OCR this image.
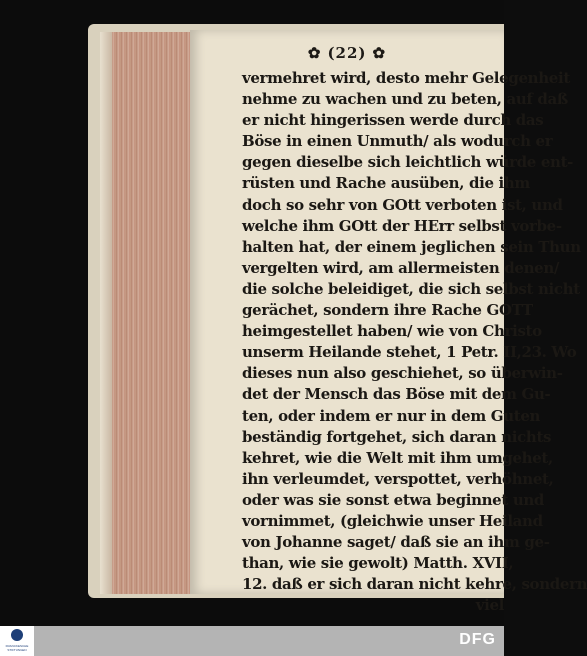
✿ (22) ✿
vermehret wird, desto mehr Gelegenheit
nehme zu wachen und zu beten, auf daß
er nicht hingerissen werde durch das
Böse in einen Unmuth/ als wodurch er
gegen dieselbe sich leichtlich würde ent-
rüsten und Rache ausüben, die ihm
doch so sehr von GOtt verboten ist, und
welche ihm GOtt der HErr selbst vorbe-
halten hat, der einem jeglichen sein Thun
vergelten wird, am allermeisten denen/
die solche beleidiget, die sich selbst nicht
gerächet, sondern ihre Rache GOTT
heimgestellet haben/ wie von Christo
unserm Heilande stehet, 1 Petr. II,23. Wo
dieses nun also geschiehet, so überwin-
det der Mensch das Böse mit dem Gu-
ten, oder indem er nur in dem Guten
beständig fortgehet, sich daran nichts
kehret, wie die Welt mit ihm umgehet,
ihn verleumdet, verspottet, verhöhnet,
oder was sie sonst etwa beginnet und
vornimmet, (gleichwie unser Heiland
von Johanne saget/ daß sie an ihm ge-
than, wie sie gewolt) Matth. XVII,
12. daß er sich daran nicht kehre, sondern
viel
FRANCKESCHE STIFTUNGEN
DFG
